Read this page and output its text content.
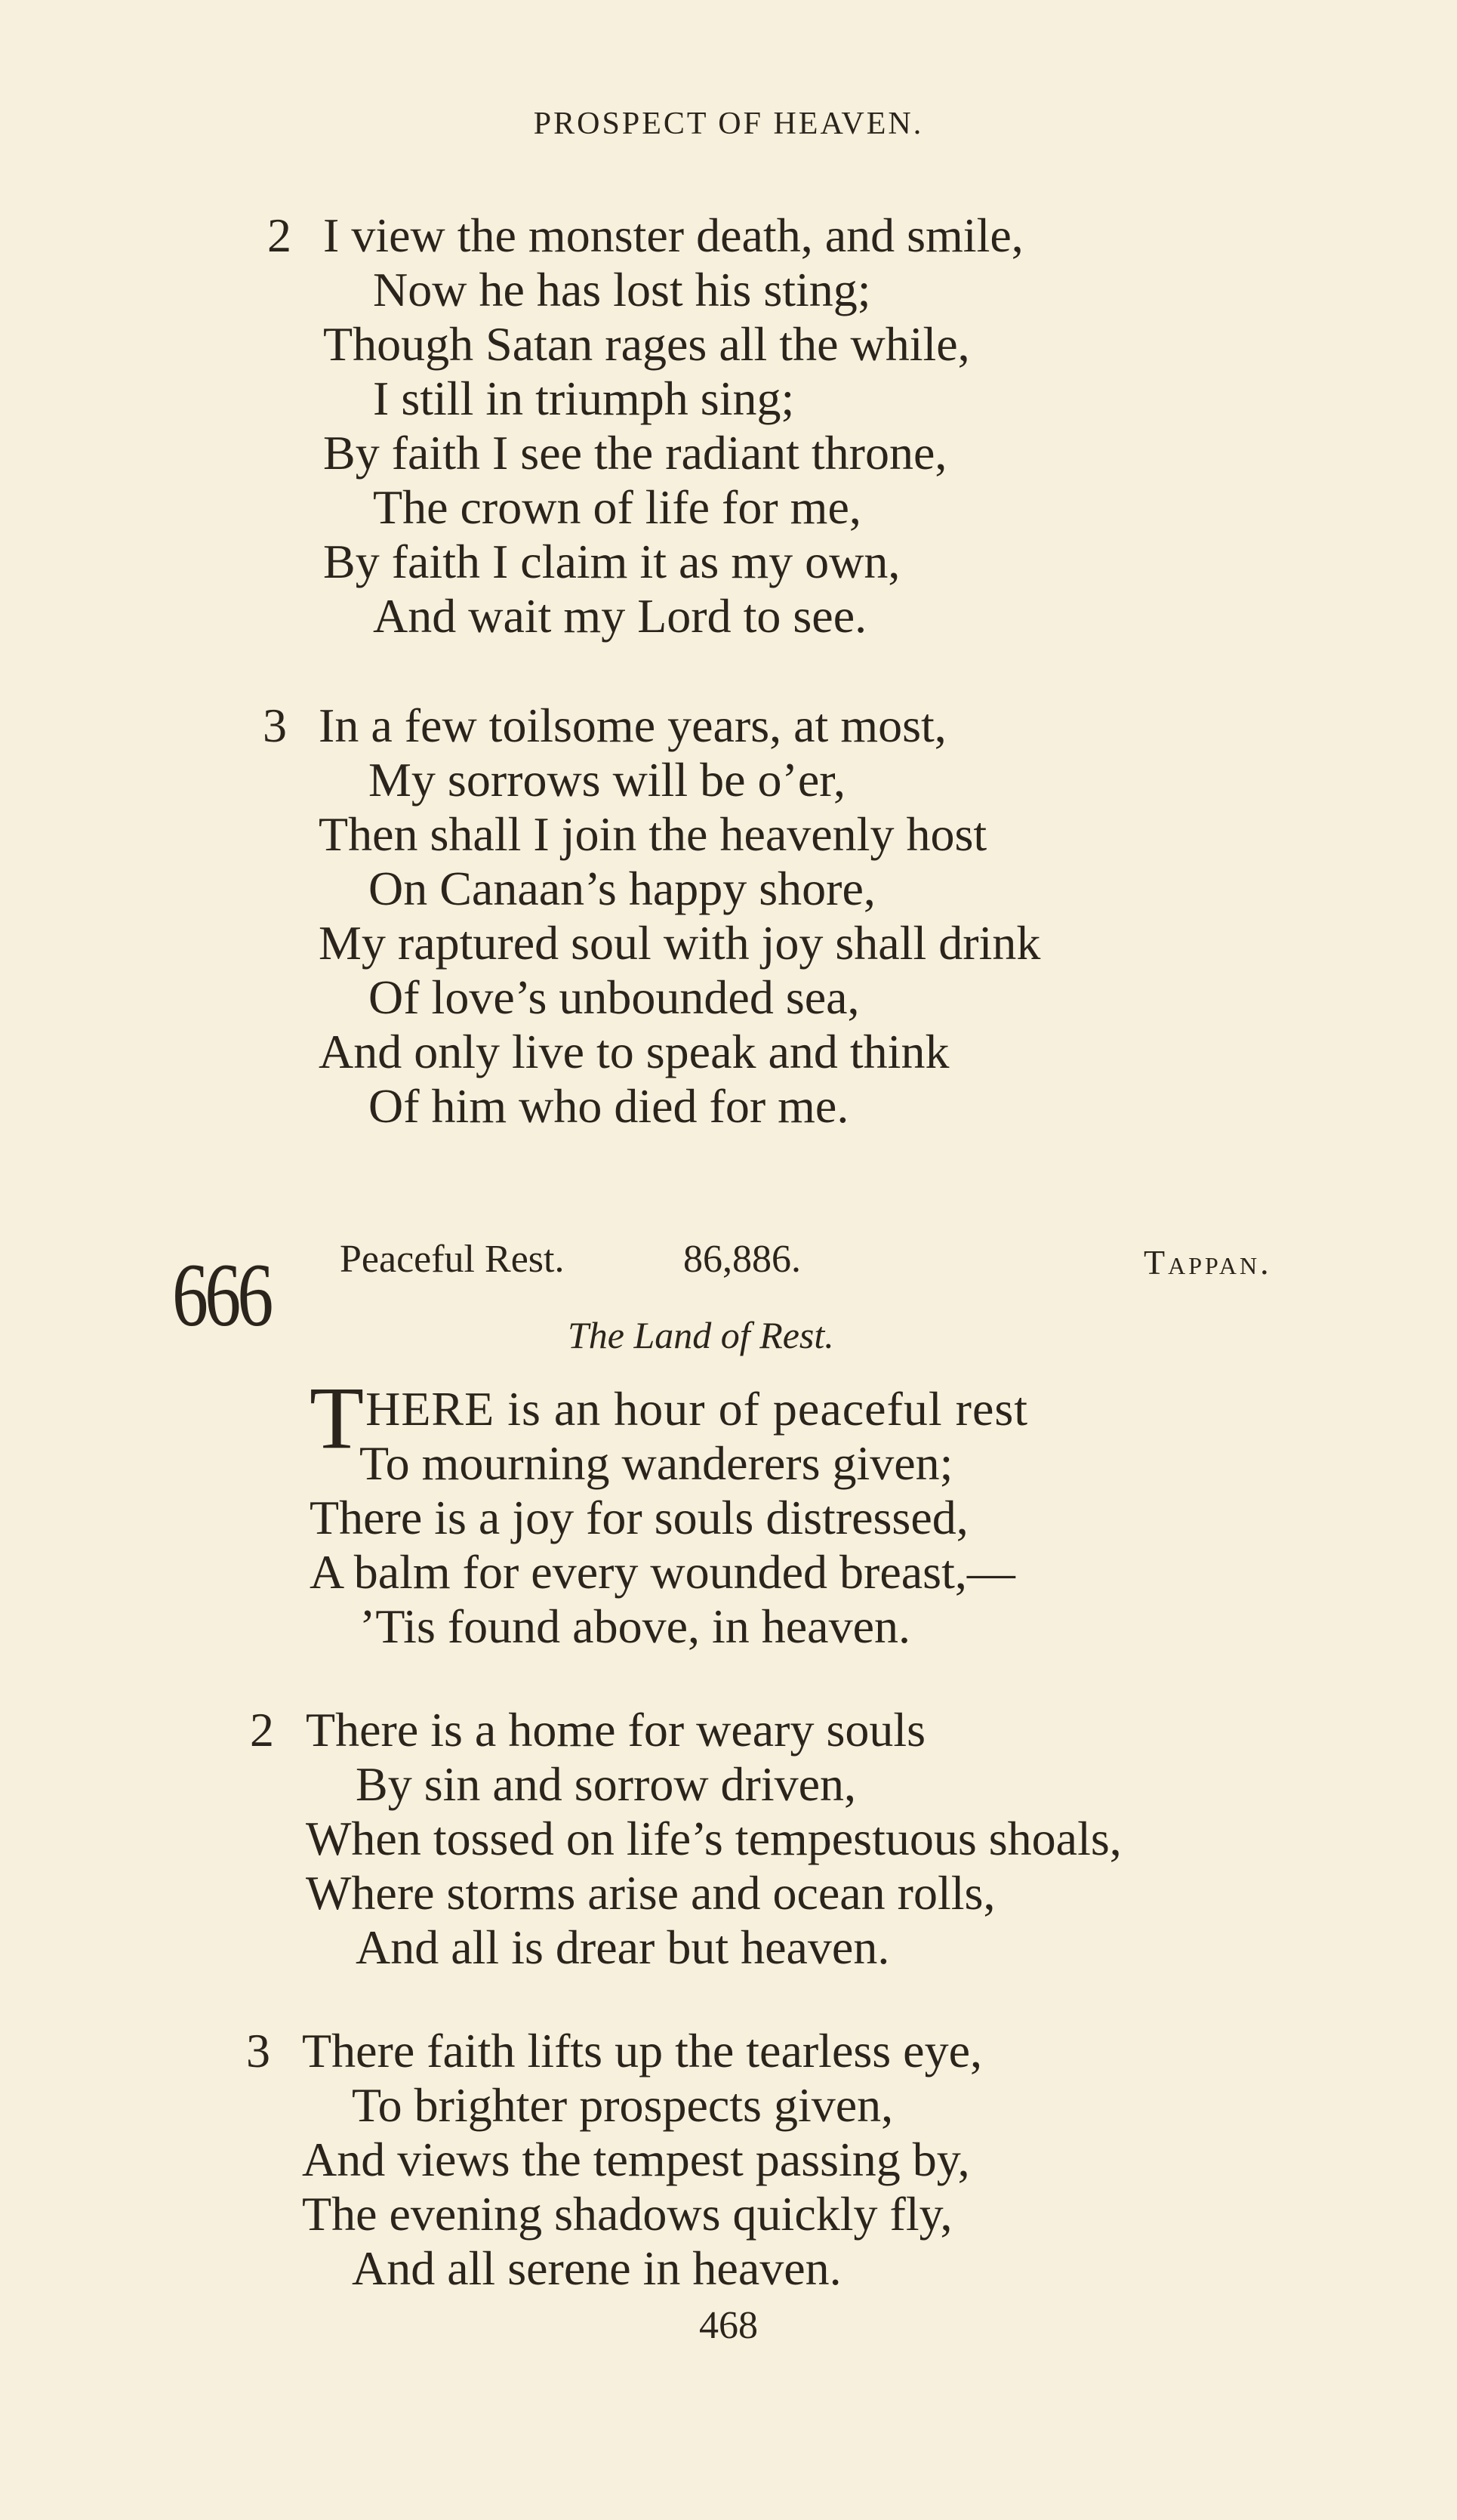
PROSPECT OF HEAVEN.
2 I view the monster death, and smile,
Now he has lost his sting;
Though Satan rages all the while,
I still in triumph sing;
By faith I see the radiant throne,
The crown of life for me,
By faith I claim it as my own,
And wait my Lord to see.
3 In a few toilsome years, at most,
My sorrows will be o’er,
Then shall I join the heavenly host
On Canaan’s happy shore,
My raptured soul with joy shall drink
Of love’s unbounded sea,
And only live to speak and think
Of him who died for me.
666 Peaceful Rest.	86,886.	Tappan.
The Land of Rest.
THERE is an hour of peaceful rest
To mourning wanderers given;
There is a joy for souls distressed,
A balm for every wounded breast,—
’Tis found above, in heaven.
2 There is a home for weary souls
By sin and sorrow driven,
When tossed on life’s tempestuous shoals,
Where storms arise and ocean rolls,
And all is drear but heaven.
3 There faith lifts up the tearless eye,
To brighter prospects given,
And views the tempest passing by,
The evening shadows quickly fly,
And all serene in heaven.
468
